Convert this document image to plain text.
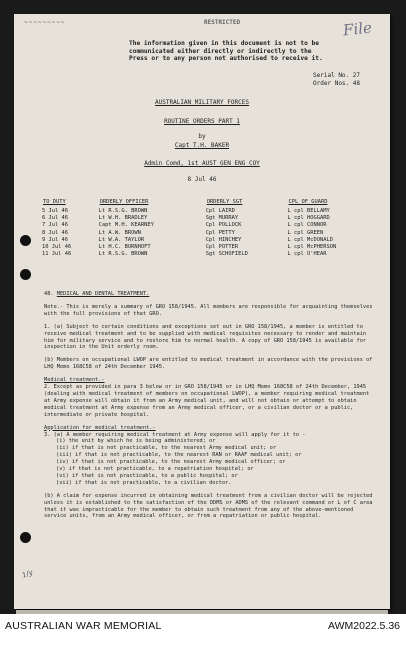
~~~~~~~~~	RESTRICTED	File
The information given in this document is not to be communicated either directly or indirectly to the Press or to any person not authorised to receive it.
Serial No. 27
Order Nos. 48
AUSTRALIAN MILITARY FORCES
ROUTINE ORDERS PART 1
by
Capt T.H. BAKER
Admin Comd, 1st AUST GEN ENG COY
8 Jul 46
1/y

48. MEDICAL AND DENTAL TREATMENT.

Note.- This is merely a summary of GRO 158/1945. All members are responsible for acquainting themselves with the full provisions of that GRO.

1. (a) Subject to certain conditions and exceptions set out in GRO 158/1945, a member is entitled to receive medical treatment and to be supplied with medical requisites necessary to render and maintain him for military service and to restore him to normal health. A copy of GRO 158/1945 is available for inspection in the Unit orderly room.

(b) Members on occupational LWOP are entitled to medical treatment in accordance with the provisions of LHQ Memo 168C58 of 24th December 1945.

Medical treatment.-

2. Except as provided in para 3 below or in GRO 158/1945 or in LHQ Memo 168C58 of 24th December, 1945 (dealing with medical treatment of members on occupational LWOP), a member requiring medical treatment at Army expense will obtain it from an Army medical unit, and will not obtain or attempt to obtain medical treatment at Army expense from an Army medical officer, or a civilian doctor or a public, intermediate or private hospital.

Application for medical treatment.-

3. (a) A member requiring medical treatment at Army expense will apply for it to -
(i) the unit by which he is being administered; or
(ii) if that is not practicable, to the nearest Army medical unit; or
(iii) if that is not practicable, to the nearest RAN or RAAF medical unit; or
(iv) if that is not practicable, to the nearest Army medical officer; or
(v) if that is not practicable, to a repatriation hospital; or
(vi) if that is not practicable, to a public hospital; or
(vii) if that is not practicable, to a civilian doctor.

(b) A claim for expense incurred in obtaining medical treatment from a civilian doctor will be rejected unless it is established to the satisfaction of the DDMS or ADMS of the relevant command or L of C area that it was impracticable for the member to obtain such treatment from any of the above-mentioned service units, from an Army medical officer, or from a repatriation or public hospital.

TO DUTY	ORDERLY OFFICER	ORDERLY SGT	CPL OF GUARD
5 Jul 46	Lt R.S.G. BROWN	Cpl LAIRD	L cpl BELLAMY
6 Jul 46	Lt W.H. BRADLEY	Sgt MURRAY	L cpl HOGGARD
7 Jul 46	Capt M.H. KEARNEY	Cpl POLLOCK	L cpl CONNOR
8 Jul 46	Lt A.W. BROWN	Cpl PETTY	L cpl GREEN
9 Jul 46	Lt W.A. TAYLOR	Cpl HINCHEY	L cpl McDONALD
10 Jul 46	Lt H.C. BORNHOFT	Cpl POTTER	L cpl McPHERSON
11 Jul 46	Lt R.S.G. BROWN	Sgt SCHOFIELD	L cpl O'HEAR
AUSTRALIAN WAR MEMORIAL	AWM2022.5.36
